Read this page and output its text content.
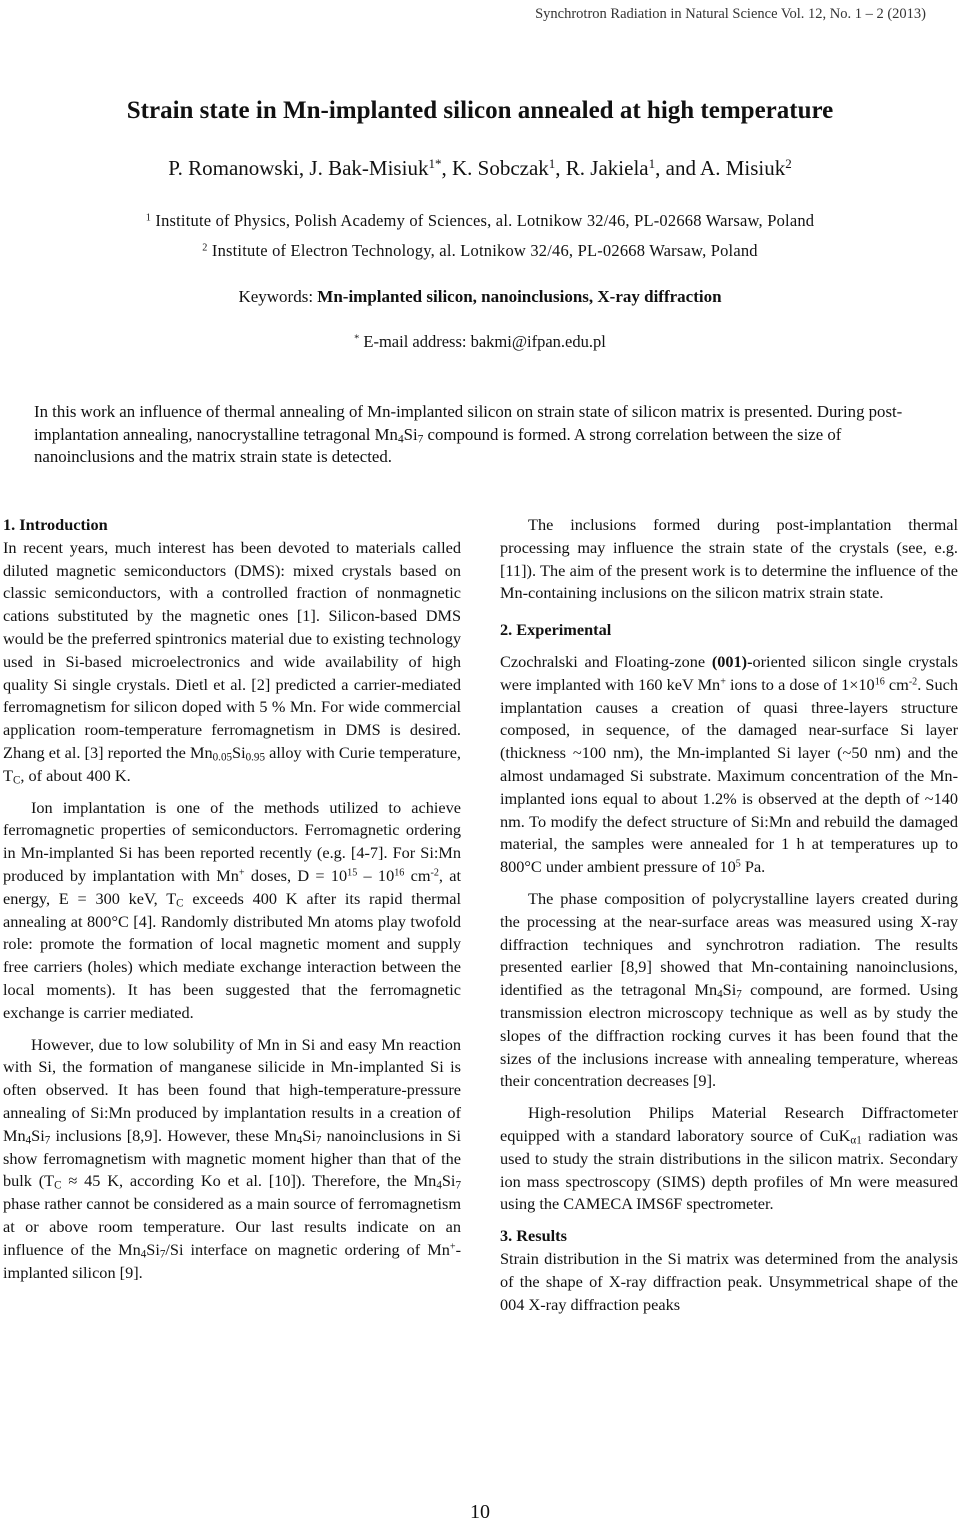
Synchrotron Radiation in Natural Science Vol. 12, No. 1 – 2 (2013)
Strain state in Mn-implanted silicon annealed at high temperature
P. Romanowski, J. Bak-Misiuk$^{1*}$, K. Sobczak$^1$, R. Jakiela$^1$, and A. Misiuk$^2$
$^1$ Institute of Physics, Polish Academy of Sciences, al. Lotnikow 32/46, PL-02668 Warsaw, Poland
$^2$ Institute of Electron Technology, al. Lotnikow 32/46, PL-02668 Warsaw, Poland
Keywords: Mn-implanted silicon, nanoinclusions, X-ray diffraction
* E-mail address: bakmi@ifpan.edu.pl
In this work an influence of thermal annealing of Mn-implanted silicon on strain state of silicon matrix is presented. During post-implantation annealing, nanocrystalline tetragonal $Mn_4Si_7$ compound is formed. A strong correlation between the size of nanoinclusions and the matrix strain state is detected.
1. Introduction

In recent years, much interest has been devoted to materials called diluted magnetic semiconductors (DMS): mixed crystals based on classic semiconductors, with a controlled fraction of nonmagnetic cations substituted by the magnetic ones [1]. Silicon-based DMS would be the preferred spintronics material due to existing technology used in Si-based microelectronics and wide availability of high quality Si single crystals. Dietl et al. [2] predicted a carrier-mediated ferromagnetism for silicon doped with 5 % Mn. For wide commercial application room-temperature ferromagnetism in DMS is desired. Zhang et al. [3] reported the $Mn_{0.05}Si_{0.95}$ alloy with Curie temperature, $T_C$, of about 400 K.

Ion implantation is one of the methods utilized to achieve ferromagnetic properties of semiconductors. Ferromagnetic ordering in Mn-implanted Si has been reported recently (e.g. [4-7]. For Si:Mn produced by implantation with Mn+ doses, $D = 10^{15} - 10^{16}$ $cm^{-2}$, at energy, E = 300 keV, $T_C$ exceeds 400 K after its rapid thermal annealing at 800°C [4]. Randomly distributed Mn atoms play twofold role: promote the formation of local magnetic moment and supply free carriers (holes) which mediate exchange interaction between the local moments). It has been suggested that the ferromagnetic exchange is carrier mediated.

However, due to low solubility of Mn in Si and easy Mn reaction with Si, the formation of manganese silicide in Mn-implanted Si is often observed. It has been found that high-temperature-pressure annealing of Si:Mn produced by implantation results in a creation of $Mn_4Si_7$ inclusions [8,9]. However, these $Mn_4Si_7$ nanoinclusions in Si show ferromagnetism with magnetic moment higher than that of the bulk ($T_C \approx 45$ K, according Ko et al. [10]). Therefore, the $Mn_4Si_7$ phase rather cannot be considered as a main source of ferromagnetism at or above room temperature. Our last results indicate on an influence of the $Mn_4Si_7/Si$ interface on magnetic ordering of Mn+-implanted silicon [9].

The inclusions formed during post-implantation thermal processing may influence the strain state of the crystals (see, e.g. [11]). The aim of the present work is to determine the influence of the Mn-containing inclusions on the silicon matrix strain state.

2. Experimental

Czochralski and Floating-zone (001)-oriented silicon single crystals were implanted with 160 keV Mn+ ions to a dose of $1\times 10^{16}$ $cm^{-2}$. Such implantation causes a creation of quasi three-layers structure composed, in sequence, of the damaged near-surface Si layer (thickness ~100 nm), the Mn-implanted Si layer (~50 nm) and the almost undamaged Si substrate. Maximum concentration of the Mn-implanted ions equal to about 1.2% is observed at the depth of ~140 nm. To modify the defect structure of Si:Mn and rebuild the damaged material, the samples were annealed for 1 h at temperatures up to 800°C under ambient pressure of $10^5$ Pa.

The phase composition of polycrystalline layers created during the processing at the near-surface areas was measured using X-ray diffraction techniques and synchrotron radiation. The results presented earlier [8,9] showed that Mn-containing nanoinclusions, identified as the tetragonal $Mn_4Si_7$ compound, are formed. Using transmission electron microscopy technique as well as by study the slopes of the diffraction rocking curves it has been found that the sizes of the inclusions increase with annealing temperature, whereas their concentration decreases [9].

High-resolution Philips Material Research Diffractometer equipped with a standard laboratory source of CuK$_{\alpha 1}$ radiation was used to study the strain distributions in the silicon matrix. Secondary ion mass spectroscopy (SIMS) depth profiles of Mn were measured using the CAMECA IMS6F spectrometer.

3. Results

Strain distribution in the Si matrix was determined from the analysis of the shape of X-ray diffraction peak. Unsymmetrical shape of the 004 X-ray diffraction peaks

10
